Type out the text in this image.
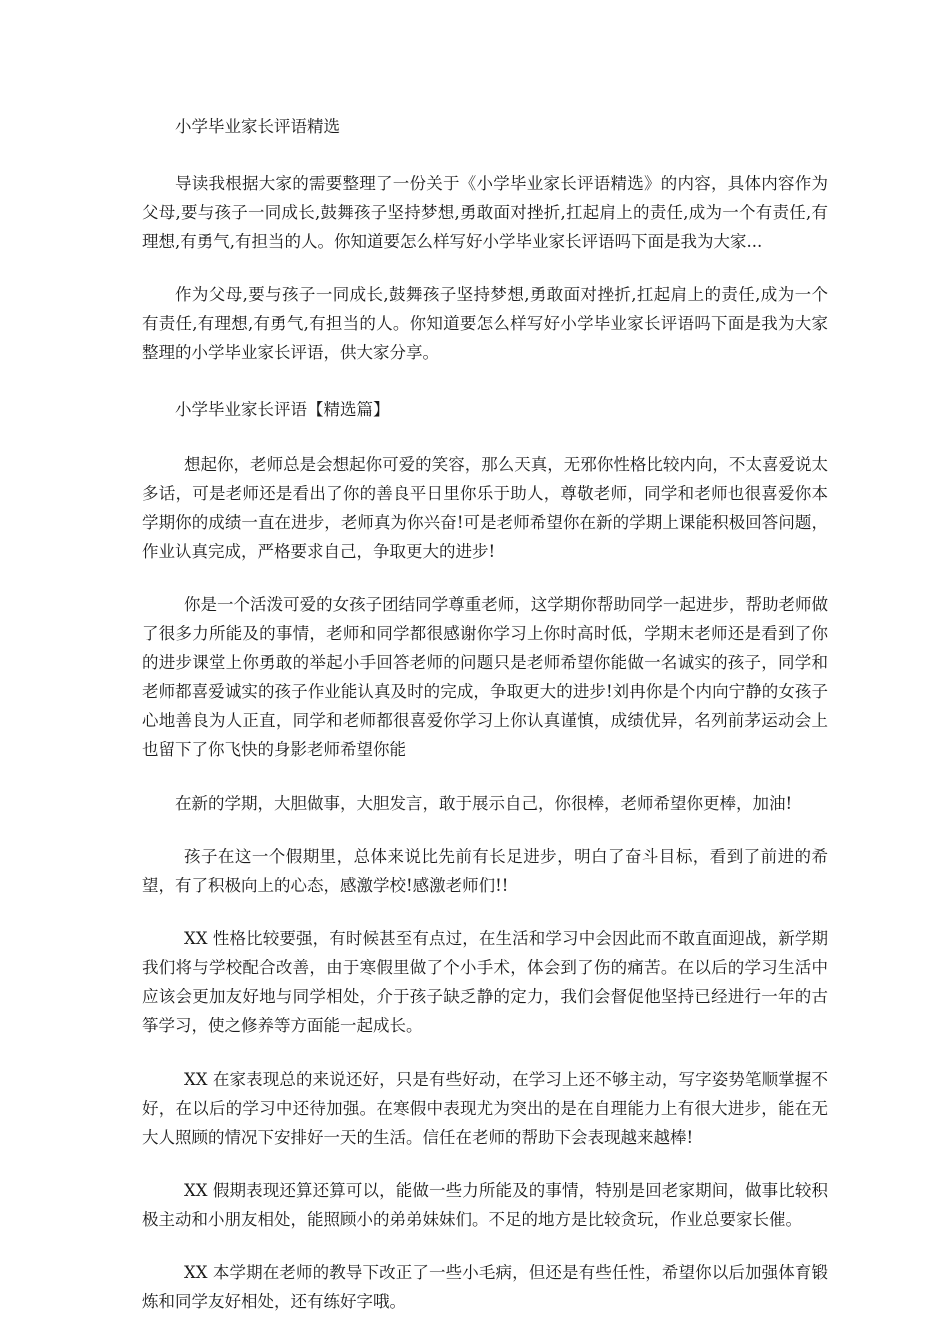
小学毕业家长评语精选

导读我根据大家的需要整理了一份关于《小学毕业家长评语精选》的内容，具体内容作为父母,要与孩子一同成长,鼓舞孩子坚持梦想,勇敢面对挫折,扛起肩上的责任,成为一个有责任,有理想,有勇气,有担当的人。你知道要怎么样写好小学毕业家长评语吗下面是我为大家...

作为父母,要与孩子一同成长,鼓舞孩子坚持梦想,勇敢面对挫折,扛起肩上的责任,成为一个有责任,有理想,有勇气,有担当的人。你知道要怎么样写好小学毕业家长评语吗下面是我为大家整理的小学毕业家长评语，供大家分享。

小学毕业家长评语【精选篇】

想起你，老师总是会想起你可爱的笑容，那么天真，无邪你性格比较内向，不太喜爱说太多话，可是老师还是看出了你的善良平日里你乐于助人，尊敬老师，同学和老师也很喜爱你本学期你的成绩一直在进步，老师真为你兴奋!可是老师希望你在新的学期上课能积极回答问题，作业认真完成，严格要求自己，争取更大的进步!

你是一个活泼可爱的女孩子团结同学尊重老师，这学期你帮助同学一起进步，帮助老师做了很多力所能及的事情，老师和同学都很感谢你学习上你时高时低，学期末老师还是看到了你的进步课堂上你勇敢的举起小手回答老师的问题只是老师希望你能做一名诚实的孩子，同学和老师都喜爱诚实的孩子作业能认真及时的完成，争取更大的进步!刘冉你是个内向宁静的女孩子心地善良为人正直，同学和老师都很喜爱你学习上你认真谨慎，成绩优异，名列前茅运动会上也留下了你飞快的身影老师希望你能

在新的学期，大胆做事，大胆发言，敢于展示自己，你很棒，老师希望你更棒，加油!

孩子在这一个假期里，总体来说比先前有长足进步，明白了奋斗目标，看到了前进的希望，有了积极向上的心态，感激学校!感激老师们!!

XX 性格比较要强，有时候甚至有点过，在生活和学习中会因此而不敢直面迎战，新学期我们将与学校配合改善，由于寒假里做了个小手术，体会到了伤的痛苦。在以后的学习生活中应该会更加友好地与同学相处，介于孩子缺乏静的定力，我们会督促他坚持已经进行一年的古筝学习，使之修养等方面能一起成长。

XX 在家表现总的来说还好，只是有些好动，在学习上还不够主动，写字姿势笔顺掌握不好，在以后的学习中还待加强。在寒假中表现尤为突出的是在自理能力上有很大进步，能在无大人照顾的情况下安排好一天的生活。信任在老师的帮助下会表现越来越棒!

XX 假期表现还算还算可以，能做一些力所能及的事情，特别是回老家期间，做事比较积极主动和小朋友相处，能照顾小的弟弟妹妹们。不足的地方是比较贪玩，作业总要家长催。

XX 本学期在老师的教导下改正了一些小毛病，但还是有些任性，希望你以后加强体育锻炼和同学友好相处，还有练好字哦。
